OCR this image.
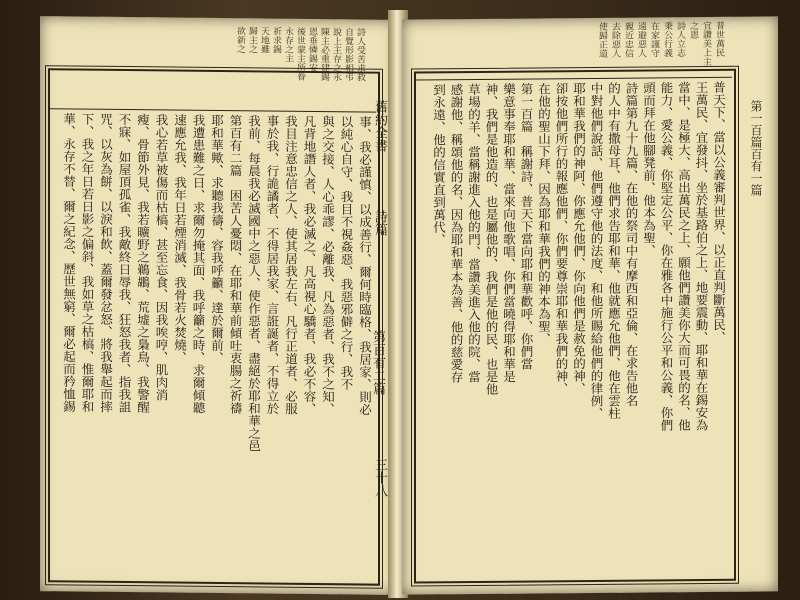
詩人受苦求救
自覺形影相弔
說上主存之永
陳主必重建錫
恩垂憐錫安
後世蒙主所眷
永存之主
祈求錫
天地雖
歸主之
欲新之
事、我必謹慎、以成善行、爾何時臨格、我居家、則必
以純心自守、我目不視姦惡、我惡邪僻之行、我不
與之交接、人心乖謬、必離我、凡為惡者、我不之知、
凡背地譖人者、我必滅之、凡高視心驕者、我必不容、
我目注意忠信之人、使其居我左右、凡行正道者、必服
事於我、行詭譎者、不得居我家、言誑誕者、不得立於
我前、每晨我必滅國中之惡人、使作惡者、盡絕於耶和華之邑
第百有二篇　困苦人憂悶、在耶和華前傾吐衷腸之祈禱
耶和華歟、求聽我禱、容我呼籲、達於爾前、
我遭患難之日、求爾勿掩其面、我呼籲之時、求爾傾聽
速應允我、我年日若煙消滅、我骨若火焚燒、
我心若草被傷而枯槁、甚至忘食、因我唉哼、肌肉消
瘦、骨節外見、我若曠野之鵜鶘、荒墟之梟鳥、我警醒
不寐、如屋頂孤雀、我敵終日辱我、狂怒我者、指我詛
咒、以灰為餅、以淚和飲、蓋爾發忿怒、將我舉起而摔
下、我之年日若日影之偏斜、我如草之枯槁、惟爾耶和
華、永存不替、爾之紀念、歷世無窮、爾必起而矜恤錫	舊約全書
詩篇
第百有二篇
三十八
普世萬民
宜讚美上主
之恩
詩人立志
秉公行義
在家謹守
遠避惡人
親近忠信
去除惡人
使歸正道
普天下、當以公義審判世界、以正直判斷萬民、
王萬民、宜發抖、坐於基路伯之上、地要震動、耶和華在錫安為
當中、是極大、高出萬民之上、願他們讚美你大而可畏的名、他
能力、愛公義、你堅定公平、你在雅各中施行公平和公義、你們
頭而拜在他腳凳前、他本為聖、
詩篇第九十九篇、在他的祭司中有摩西和亞倫、在求告他名
的人中有撒母耳、他們求告耶和華、他就應允他們、他在雲柱
中對他們說話、他們遵守他的法度、和他所賜給他們的律例、
耶和華我們的神阿、你應允他們、你向他們是赦免的神、
卻按他們所行的報應他們、你們要尊崇耶和華我們的神、
在他的聖山下拜、因為耶和華我們的神本為聖、
第一百篇　稱謝詩、普天下當向耶和華歡呼、你們當
樂意事奉耶和華、當來向他歌唱、你們當曉得耶和華是
神、我們是他造的、也是屬他的、我們是他的民、也是他
草場的羊、當稱謝進入他的門、當讚美進入他的院、當
感謝他、稱頌他的名、因為耶和華本為善、他的慈愛存
到永遠、他的信實直到萬代、	第一百篇百有一篇
